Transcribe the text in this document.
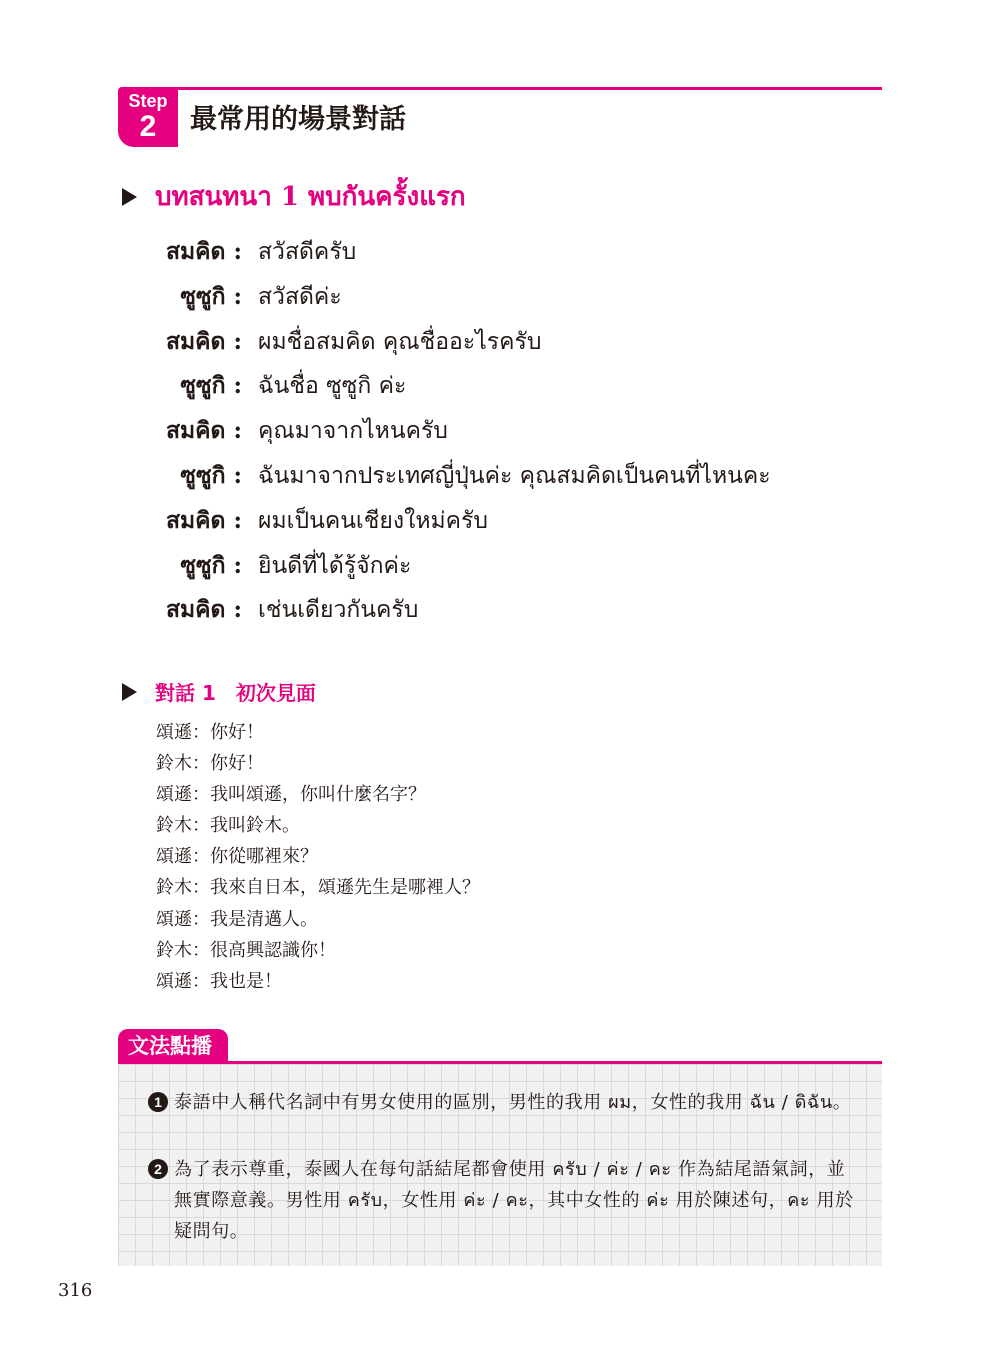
Step
2	最常用的場景對話
บทสนทนา 1 พบกันครั้งแรก
สมคิด : สวัสดีครับ
ซูซูกิ : สวัสดีค่ะ
สมคิด : ผมชื่อสมคิด คุณชื่ออะไรครับ
ซูซูกิ : ฉันชื่อ ซูซูกิ ค่ะ
สมคิด : คุณมาจากไหนครับ
ซูซูกิ : ฉันมาจากประเทศญี่ปุ่นค่ะ คุณสมคิดเป็นคนที่ไหนคะ
สมคิด : ผมเป็นคนเชียงใหม่ครับ
ซูซูกิ : ยินดีที่ได้รู้จักค่ะ
สมคิด : เช่นเดียวกันครับ
對話 1　初次見面
頌遜：你好！
鈴木：你好！
頌遜：我叫頌遜，你叫什麼名字？
鈴木：我叫鈴木。
頌遜：你從哪裡來？
鈴木：我來自日本，頌遜先生是哪裡人？
頌遜：我是清邁人。
鈴木：很高興認識你！
頌遜：我也是！
文法點播
1 泰語中人稱代名詞中有男女使用的區別，男性的我用 ผม，女性的我用 ฉัน / ดิฉัน。
2 為了表示尊重，泰國人在每句話結尾都會使用 ครับ / ค่ะ / คะ 作為結尾語氣詞，並無實際意義。男性用 ครับ，女性用 ค่ะ / คะ，其中女性的 ค่ะ 用於陳述句，คะ 用於疑問句。
316
